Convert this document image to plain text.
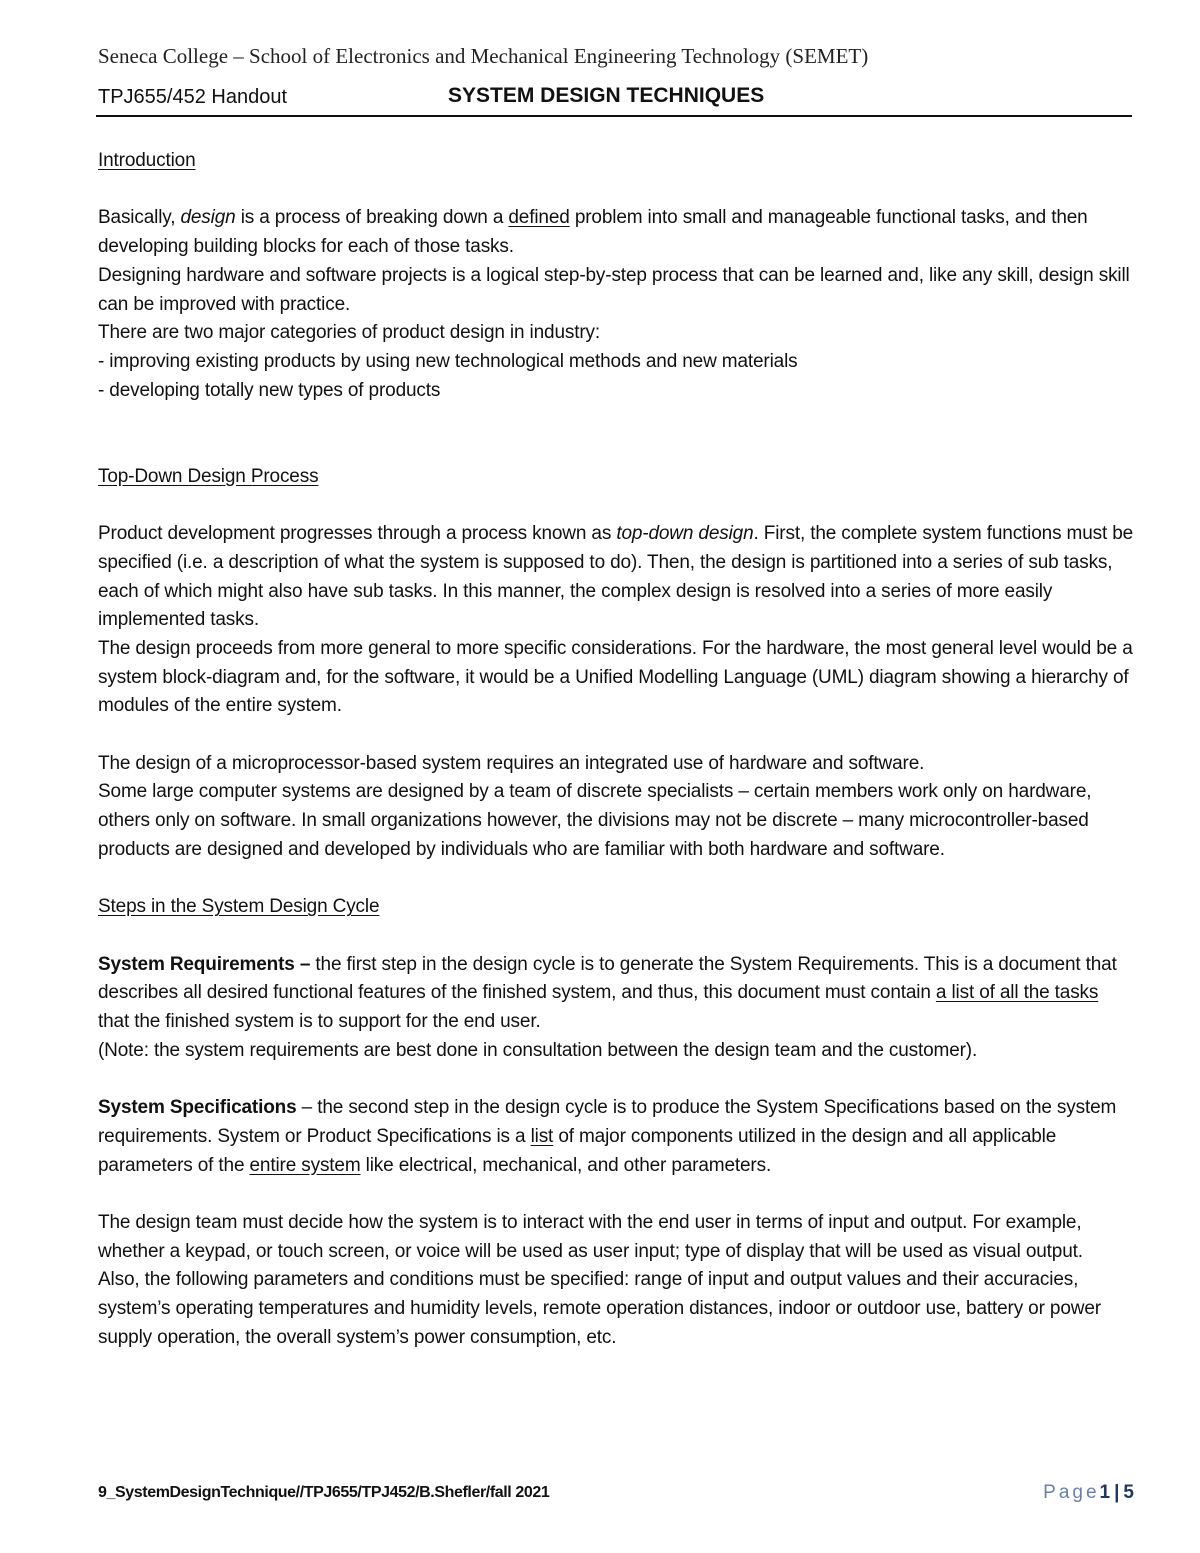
Seneca College – School of Electronics and Mechanical Engineering Technology (SEMET)
TPJ655/452 Handout	SYSTEM DESIGN TECHNIQUES

Introduction

Basically, design is a process of breaking down a defined problem into small and manageable functional tasks, and then developing building blocks for each of those tasks.

Designing hardware and software projects is a logical step-by-step process that can be learned and, like any skill, design skill can be improved with practice.

There are two major categories of product design in industry:

- improving existing products by using new technological methods and new materials

- developing totally new types of products

Top-Down Design Process

Product development progresses through a process known as top-down design. First, the complete system functions must be specified (i.e. a description of what the system is supposed to do). Then, the design is partitioned into a series of sub tasks, each of which might also have sub tasks. In this manner, the complex design is resolved into a series of more easily implemented tasks.

The design proceeds from more general to more specific considerations. For the hardware, the most general level would be a system block-diagram and, for the software, it would be a Unified Modelling Language (UML) diagram showing a hierarchy of modules of the entire system.

The design of a microprocessor-based system requires an integrated use of hardware and software.

Some large computer systems are designed by a team of discrete specialists – certain members work only on hardware, others only on software. In small organizations however, the divisions may not be discrete – many microcontroller-based products are designed and developed by individuals who are familiar with both hardware and software.

Steps in the System Design Cycle

System Requirements – the first step in the design cycle is to generate the System Requirements. This is a document that describes all desired functional features of the finished system, and thus, this document must contain a list of all the tasks that the finished system is to support for the end user.

(Note: the system requirements are best done in consultation between the design team and the customer).

System Specifications – the second step in the design cycle is to produce the System Specifications based on the system requirements. System or Product Specifications is a list of major components utilized in the design and all applicable parameters of the entire system like electrical, mechanical, and other parameters.

The design team must decide how the system is to interact with the end user in terms of input and output. For example, whether a keypad, or touch screen, or voice will be used as user input; type of display that will be used as visual output.

Also, the following parameters and conditions must be specified: range of input and output values and their accuracies, system’s operating temperatures and humidity levels, remote operation distances, indoor or outdoor use, battery or power supply operation, the overall system’s power consumption, etc.

9_SystemDesignTechnique//TPJ655/TPJ452/B.Shefler/fall 2021	Page1 | 5
